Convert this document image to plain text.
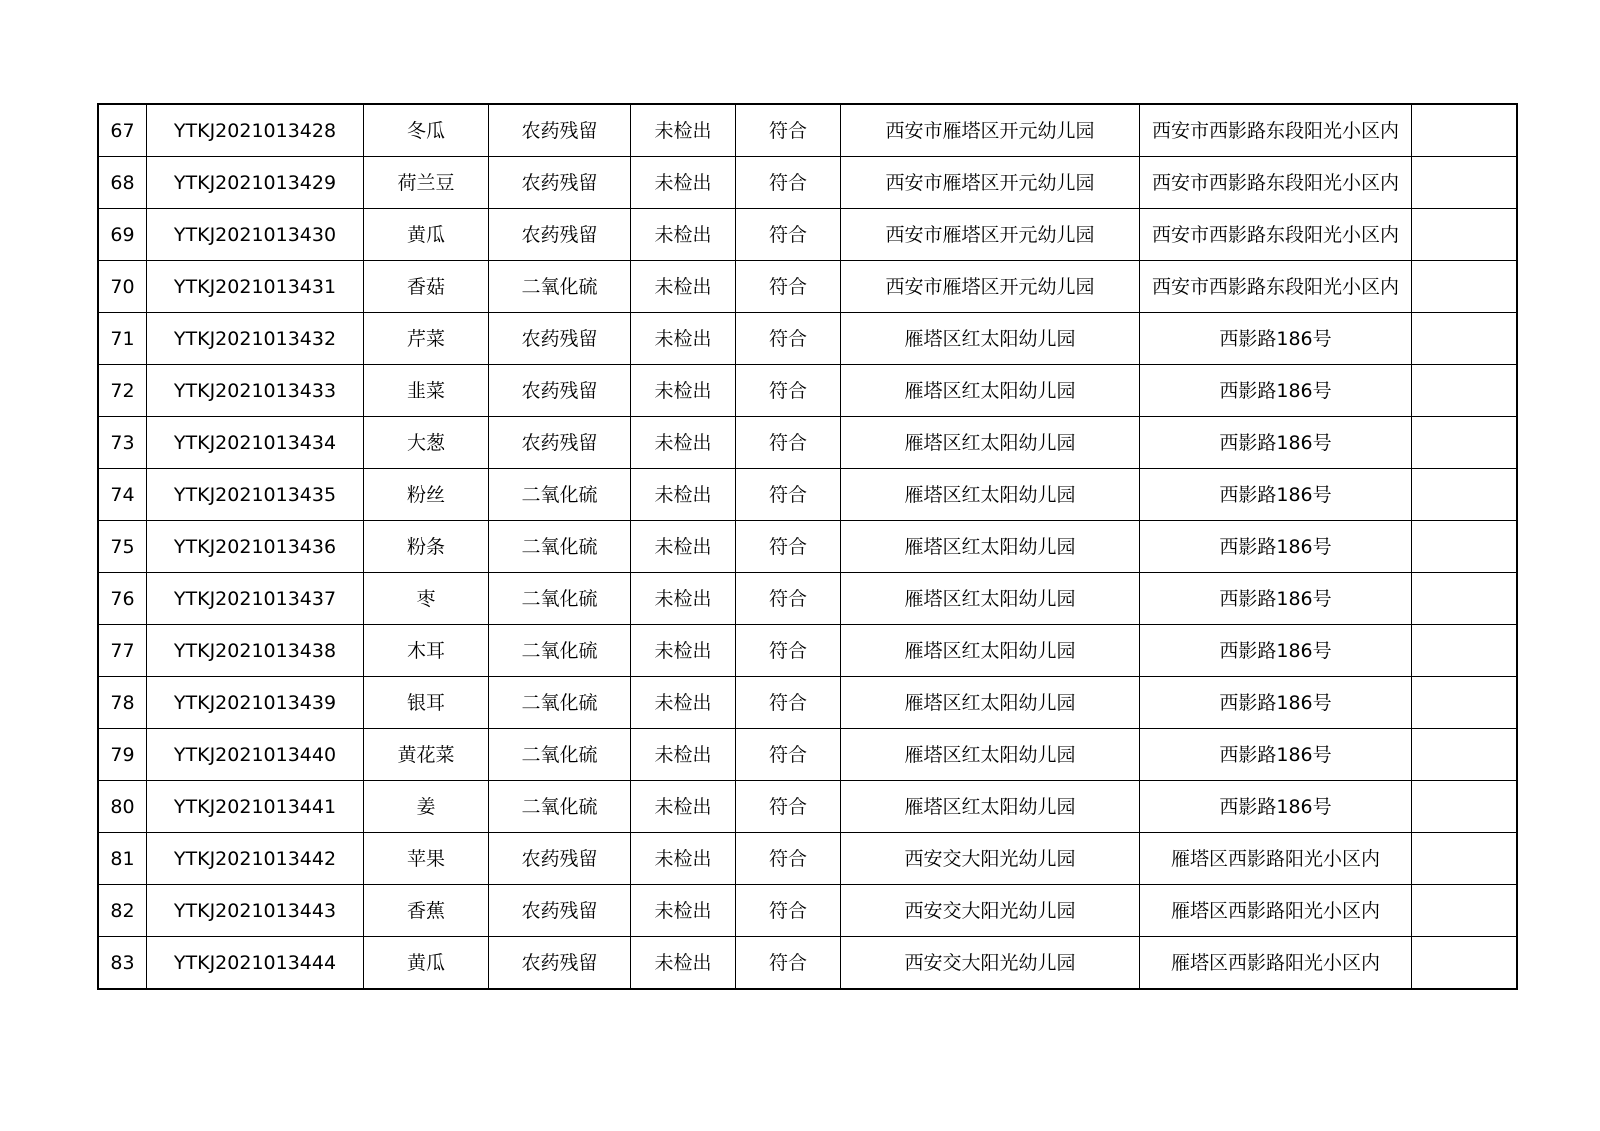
67	YTKJ2021013428	冬瓜	农药残留	未检出	符合	西安市雁塔区开元幼儿园	西安市西影路东段阳光小区内	
68	YTKJ2021013429	荷兰豆	农药残留	未检出	符合	西安市雁塔区开元幼儿园	西安市西影路东段阳光小区内	
69	YTKJ2021013430	黄瓜	农药残留	未检出	符合	西安市雁塔区开元幼儿园	西安市西影路东段阳光小区内	
70	YTKJ2021013431	香菇	二氧化硫	未检出	符合	西安市雁塔区开元幼儿园	西安市西影路东段阳光小区内	
71	YTKJ2021013432	芹菜	农药残留	未检出	符合	雁塔区红太阳幼儿园	西影路186号	
72	YTKJ2021013433	韭菜	农药残留	未检出	符合	雁塔区红太阳幼儿园	西影路186号	
73	YTKJ2021013434	大葱	农药残留	未检出	符合	雁塔区红太阳幼儿园	西影路186号	
74	YTKJ2021013435	粉丝	二氧化硫	未检出	符合	雁塔区红太阳幼儿园	西影路186号	
75	YTKJ2021013436	粉条	二氧化硫	未检出	符合	雁塔区红太阳幼儿园	西影路186号	
76	YTKJ2021013437	枣	二氧化硫	未检出	符合	雁塔区红太阳幼儿园	西影路186号	
77	YTKJ2021013438	木耳	二氧化硫	未检出	符合	雁塔区红太阳幼儿园	西影路186号	
78	YTKJ2021013439	银耳	二氧化硫	未检出	符合	雁塔区红太阳幼儿园	西影路186号	
79	YTKJ2021013440	黄花菜	二氧化硫	未检出	符合	雁塔区红太阳幼儿园	西影路186号	
80	YTKJ2021013441	姜	二氧化硫	未检出	符合	雁塔区红太阳幼儿园	西影路186号	
81	YTKJ2021013442	苹果	农药残留	未检出	符合	西安交大阳光幼儿园	雁塔区西影路阳光小区内	
82	YTKJ2021013443	香蕉	农药残留	未检出	符合	西安交大阳光幼儿园	雁塔区西影路阳光小区内	
83	YTKJ2021013444	黄瓜	农药残留	未检出	符合	西安交大阳光幼儿园	雁塔区西影路阳光小区内	
